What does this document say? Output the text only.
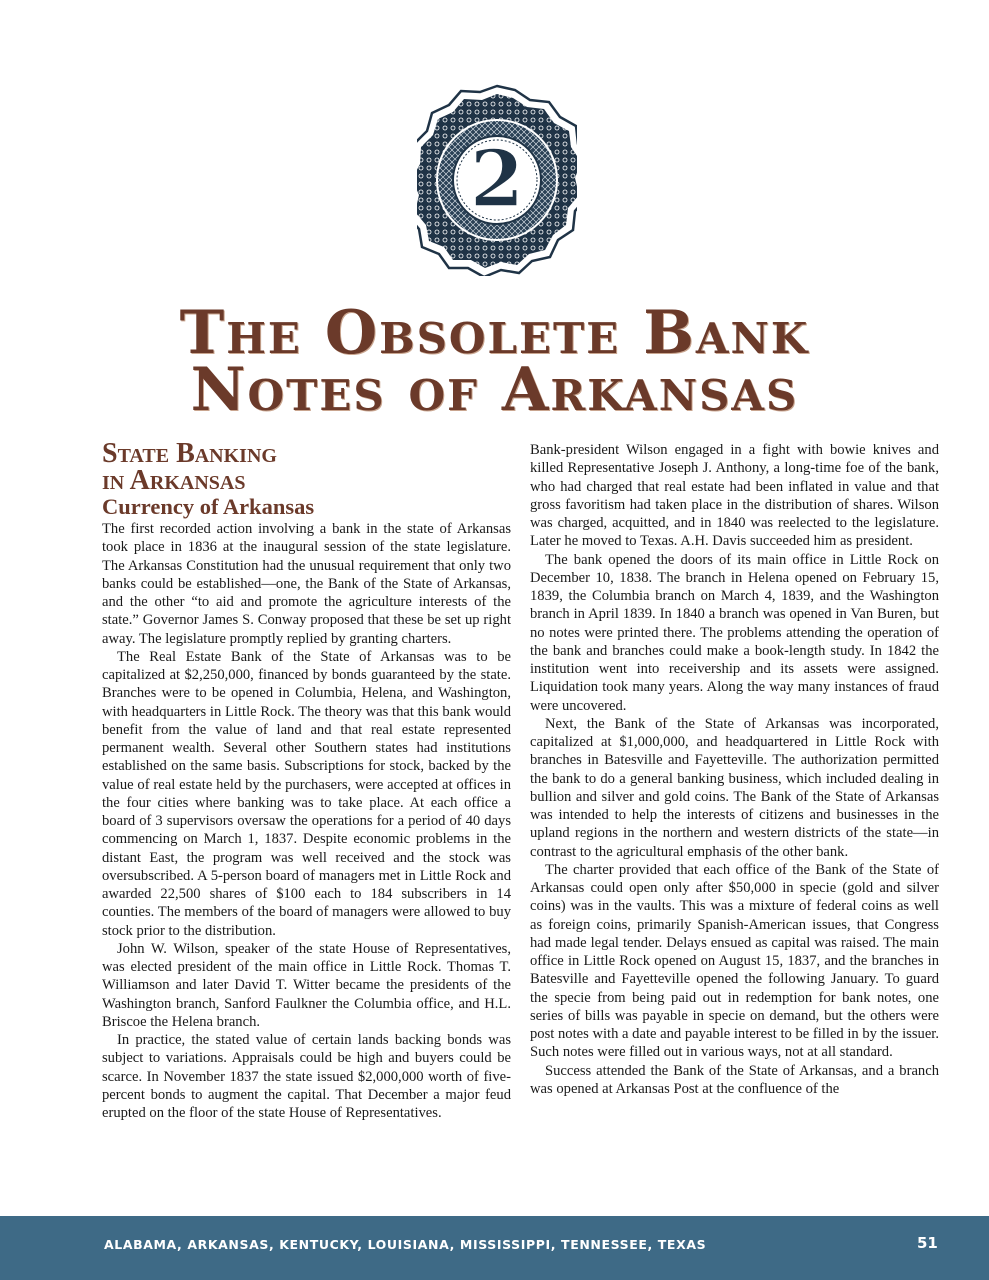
2
The Obsolete Bank
Notes of Arkansas
State Banking
in Arkansas
Currency of Arkansas

The first recorded action involving a bank in the state of Arkansas took place in 1836 at the inaugural session of the state legislature. The Arkansas Constitution had the unusual requirement that only two banks could be established—one, the Bank of the State of Arkansas, and the other “to aid and promote the agriculture interests of the state.” Governor James S. Conway proposed that these be set up right away. The legislature promptly replied by granting charters.

The Real Estate Bank of the State of Arkansas was to be capitalized at $2,250,000, financed by bonds guaranteed by the state. Branches were to be opened in Columbia, Helena, and Washington, with headquarters in Little Rock. The theory was that this bank would benefit from the value of land and that real estate represented permanent wealth. Several other Southern states had institutions established on the same basis. Subscriptions for stock, backed by the value of real estate held by the purchasers, were accepted at offices in the four cities where banking was to take place. At each office a board of 3 supervisors oversaw the operations for a period of 40 days commencing on March 1, 1837. Despite economic problems in the distant East, the program was well received and the stock was oversubscribed. A 5-person board of managers met in Little Rock and awarded 22,500 shares of $100 each to 184 subscribers in 14 counties. The members of the board of managers were allowed to buy stock prior to the distribution.

John W. Wilson, speaker of the state House of Representatives, was elected president of the main office in Little Rock. Thomas T. Williamson and later David T. Witter became the presidents of the Washington branch, Sanford Faulkner the Columbia office, and H.L. Briscoe the Helena branch.

In practice, the stated value of certain lands backing bonds was subject to variations. Appraisals could be high and buyers could be scarce. In November 1837 the state issued $2,000,000 worth of five-percent bonds to augment the capital. That December a major feud erupted on the floor of the state House of Representatives.

Bank-president Wilson engaged in a fight with bowie knives and killed Representative Joseph J. Anthony, a long-time foe of the bank, who had charged that real estate had been inflated in value and that gross favoritism had taken place in the distribution of shares. Wilson was charged, acquitted, and in 1840 was reelected to the legislature. Later he moved to Texas. A.H. Davis succeeded him as president.

The bank opened the doors of its main office in Little Rock on December 10, 1838. The branch in Helena opened on February 15, 1839, the Columbia branch on March 4, 1839, and the Washington branch in April 1839. In 1840 a branch was opened in Van Buren, but no notes were printed there. The problems attending the operation of the bank and branches could make a book-length study. In 1842 the institution went into receivership and its assets were assigned. Liquidation took many years. Along the way many instances of fraud were uncovered.

Next, the Bank of the State of Arkansas was incorporated, capitalized at $1,000,000, and headquartered in Little Rock with branches in Batesville and Fayetteville. The authorization permitted the bank to do a general banking business, which included dealing in bullion and silver and gold coins. The Bank of the State of Arkansas was intended to help the interests of citizens and businesses in the upland regions in the northern and western districts of the state—in contrast to the agricultural emphasis of the other bank.

The charter provided that each office of the Bank of the State of Arkansas could open only after $50,000 in specie (gold and silver coins) was in the vaults. This was a mixture of federal coins as well as foreign coins, primarily Spanish-American issues, that Congress had made legal tender. Delays ensued as capital was raised. The main office in Little Rock opened on August 15, 1837, and the branches in Batesville and Fayetteville opened the following January. To guard the specie from being paid out in redemption for bank notes, one series of bills was payable in specie on demand, but the others were post notes with a date and payable interest to be filled in by the issuer. Such notes were filled out in various ways, not at all standard.

Success attended the Bank of the State of Arkansas, and a branch was opened at Arkansas Post at the confluence of the

ALABAMA, ARKANSAS, KENTUCKY, LOUISIANA, MISSISSIPPI, TENNESSEE, TEXAS	51
